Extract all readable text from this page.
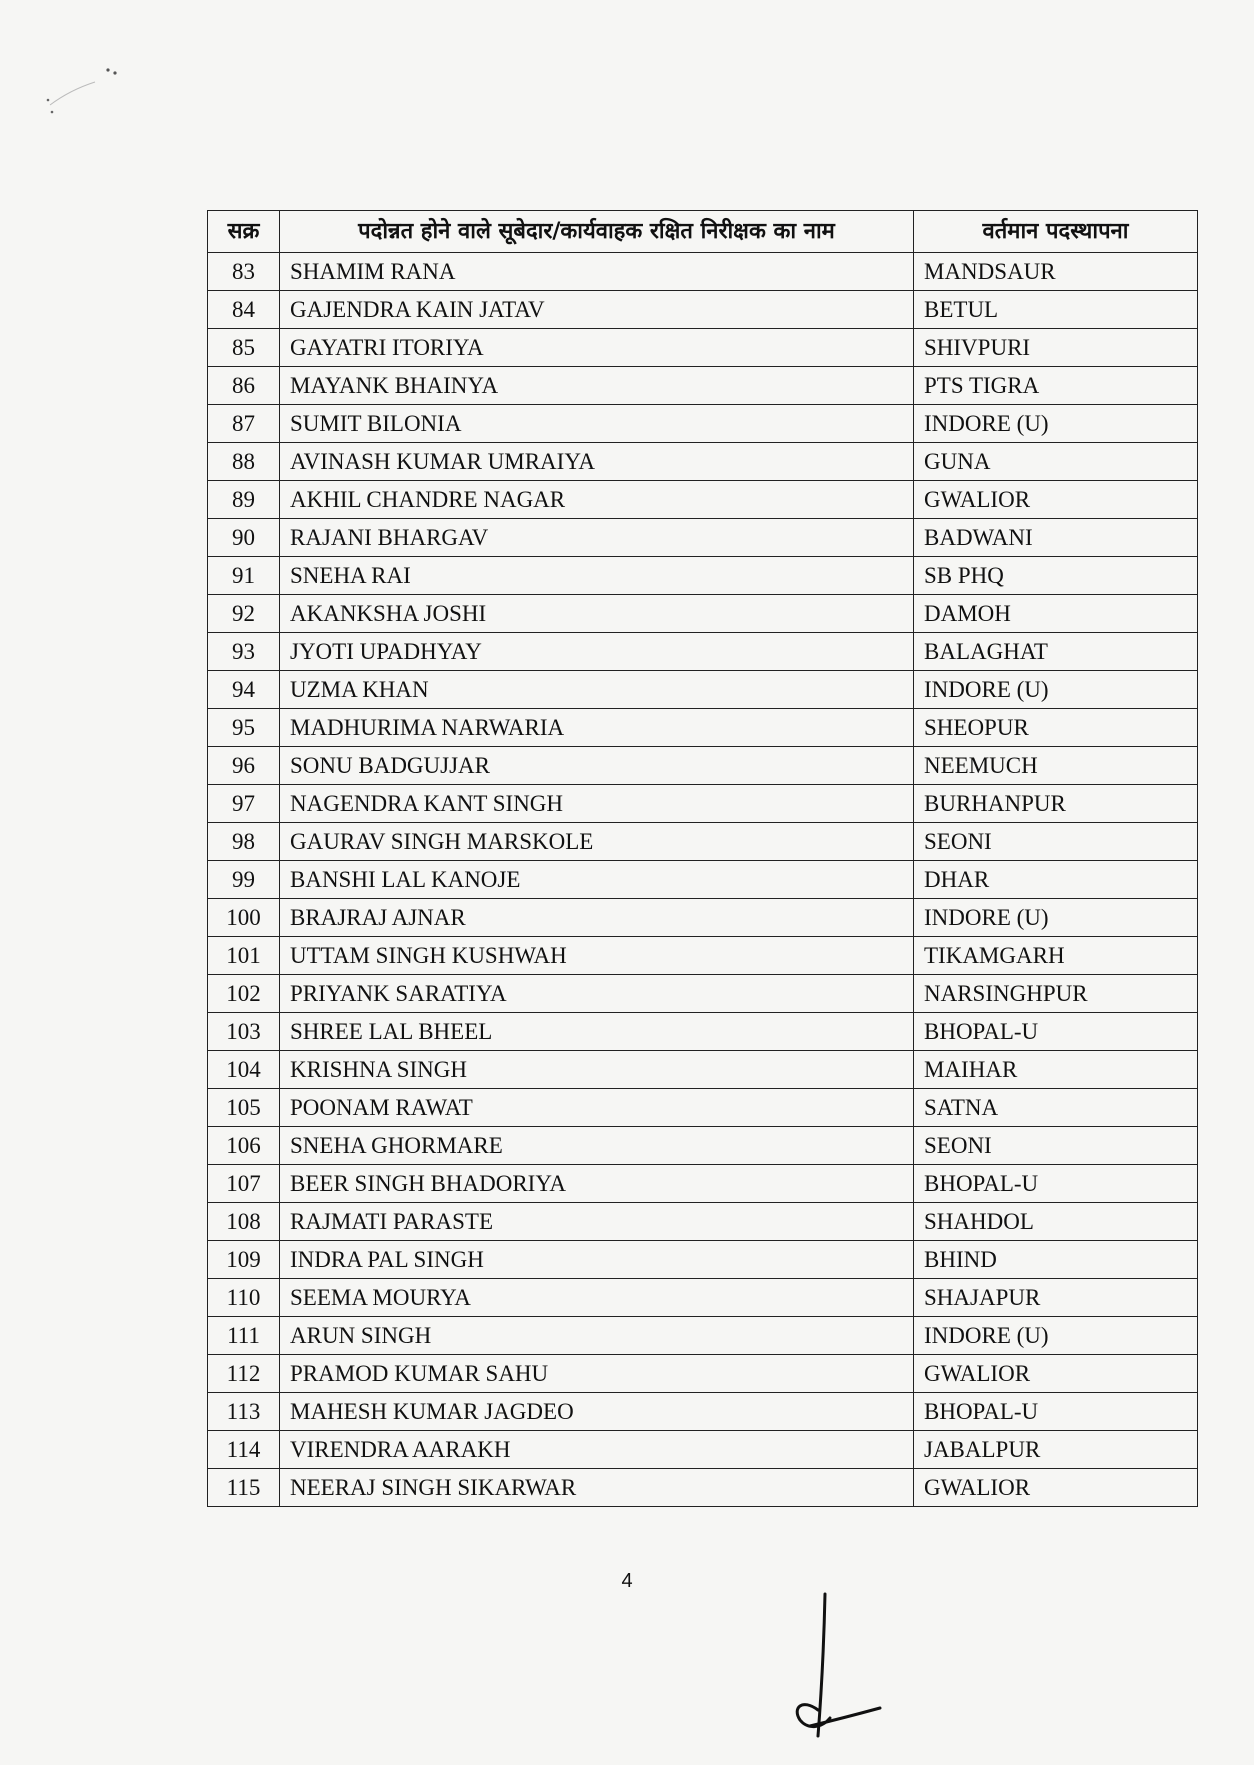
सक्र	पदोन्नत होने वाले सूबेदार/कार्यवाहक रक्षित निरीक्षक का नाम	वर्तमान पदस्थापना
83	SHAMIM RANA	MANDSAUR
84	GAJENDRA KAIN JATAV	BETUL
85	GAYATRI ITORIYA	SHIVPURI
86	MAYANK BHAINYA	PTS TIGRA
87	SUMIT BILONIA	INDORE (U)
88	AVINASH KUMAR UMRAIYA	GUNA
89	AKHIL CHANDRE NAGAR	GWALIOR
90	RAJANI BHARGAV	BADWANI
91	SNEHA RAI	SB PHQ
92	AKANKSHA JOSHI	DAMOH
93	JYOTI UPADHYAY	BALAGHAT
94	UZMA KHAN	INDORE (U)
95	MADHURIMA NARWARIA	SHEOPUR
96	SONU BADGUJJAR	NEEMUCH
97	NAGENDRA KANT SINGH	BURHANPUR
98	GAURAV SINGH MARSKOLE	SEONI
99	BANSHI LAL KANOJE	DHAR
100	BRAJRAJ AJNAR	INDORE (U)
101	UTTAM SINGH KUSHWAH	TIKAMGARH
102	PRIYANK SARATIYA	NARSINGHPUR
103	SHREE LAL BHEEL	BHOPAL-U
104	KRISHNA SINGH	MAIHAR
105	POONAM RAWAT	SATNA
106	SNEHA GHORMARE	SEONI
107	BEER SINGH BHADORIYA	BHOPAL-U
108	RAJMATI PARASTE	SHAHDOL
109	INDRA PAL SINGH	BHIND
110	SEEMA MOURYA	SHAJAPUR
111	ARUN SINGH	INDORE (U)
112	PRAMOD KUMAR SAHU	GWALIOR
113	MAHESH KUMAR JAGDEO	BHOPAL-U
114	VIRENDRA AARAKH	JABALPUR
115	NEERAJ SINGH SIKARWAR	GWALIOR
4
